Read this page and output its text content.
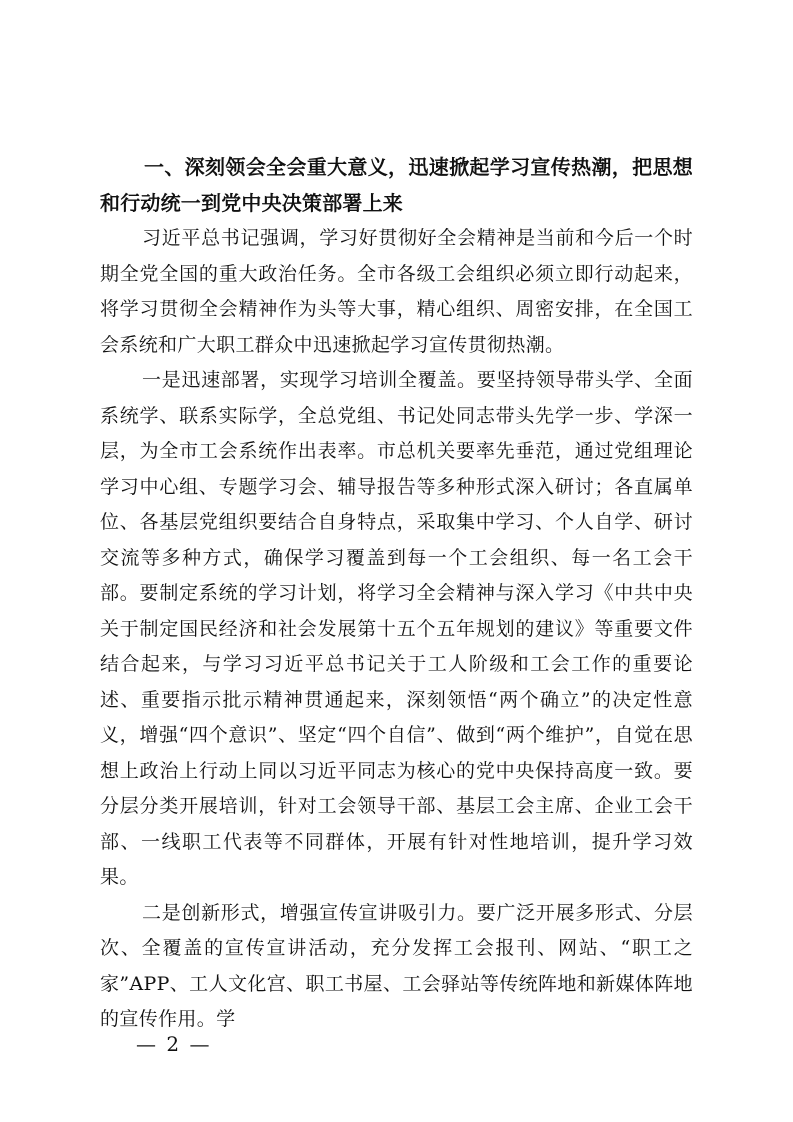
一、深刻领会全会重大意义，迅速掀起学习宣传热潮，把思想和行动统一到党中央决策部署上来

习近平总书记强调，学习好贯彻好全会精神是当前和今后一个时期全党全国的重大政治任务。全市各级工会组织必须立即行动起来，将学习贯彻全会精神作为头等大事，精心组织、周密安排，在全国工会系统和广大职工群众中迅速掀起学习宣传贯彻热潮。

一是迅速部署，实现学习培训全覆盖。要坚持领导带头学、全面系统学、联系实际学，全总党组、书记处同志带头先学一步、学深一层，为全市工会系统作出表率。市总机关要率先垂范，通过党组理论学习中心组、专题学习会、辅导报告等多种形式深入研讨；各直属单位、各基层党组织要结合自身特点，采取集中学习、个人自学、研讨交流等多种方式，确保学习覆盖到每一个工会组织、每一名工会干部。要制定系统的学习计划，将学习全会精神与深入学习《中共中央关于制定国民经济和社会发展第十五个五年规划的建议》等重要文件结合起来，与学习习近平总书记关于工人阶级和工会工作的重要论述、重要指示批示精神贯通起来，深刻领悟“两个确立”的决定性意义，增强“四个意识”、坚定“四个自信”、做到“两个维护”，自觉在思想上政治上行动上同以习近平同志为核心的党中央保持高度一致。要分层分类开展培训，针对工会领导干部、基层工会主席、企业工会干部、一线职工代表等不同群体，开展有针对性地培训，提升学习效果。

二是创新形式，增强宣传宣讲吸引力。要广泛开展多形式、分层次、全覆盖的宣传宣讲活动，充分发挥工会报刊、网站、“职工之家”APP、工人文化宫、职工书屋、工会驿站等传统阵地和新媒体阵地的宣传作用。学

— 2 —
